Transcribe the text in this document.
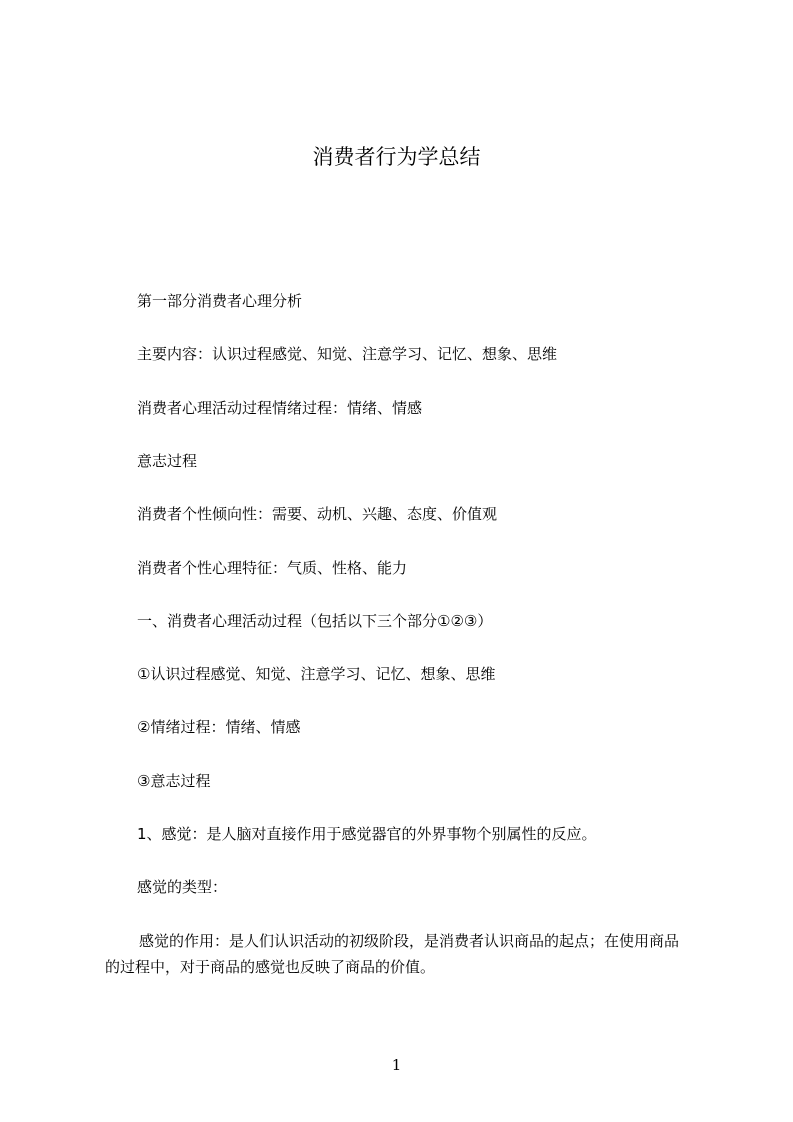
消费者行为学总结
第一部分消费者心理分析
主要内容：认识过程感觉、知觉、注意学习、记忆、想象、思维
消费者心理活动过程情绪过程：情绪、情感
意志过程
消费者个性倾向性：需要、动机、兴趣、态度、价值观
消费者个性心理特征：气质、性格、能力
一、消费者心理活动过程（包括以下三个部分①②③）
①认识过程感觉、知觉、注意学习、记忆、想象、思维
②情绪过程：情绪、情感
③意志过程
1、感觉：是人脑对直接作用于感觉器官的外界事物个别属性的反应。
感觉的类型：
感觉的作用：是人们认识活动的初级阶段，是消费者认识商品的起点；在使用商品的过程中，对于商品的感觉也反映了商品的价值。
1
